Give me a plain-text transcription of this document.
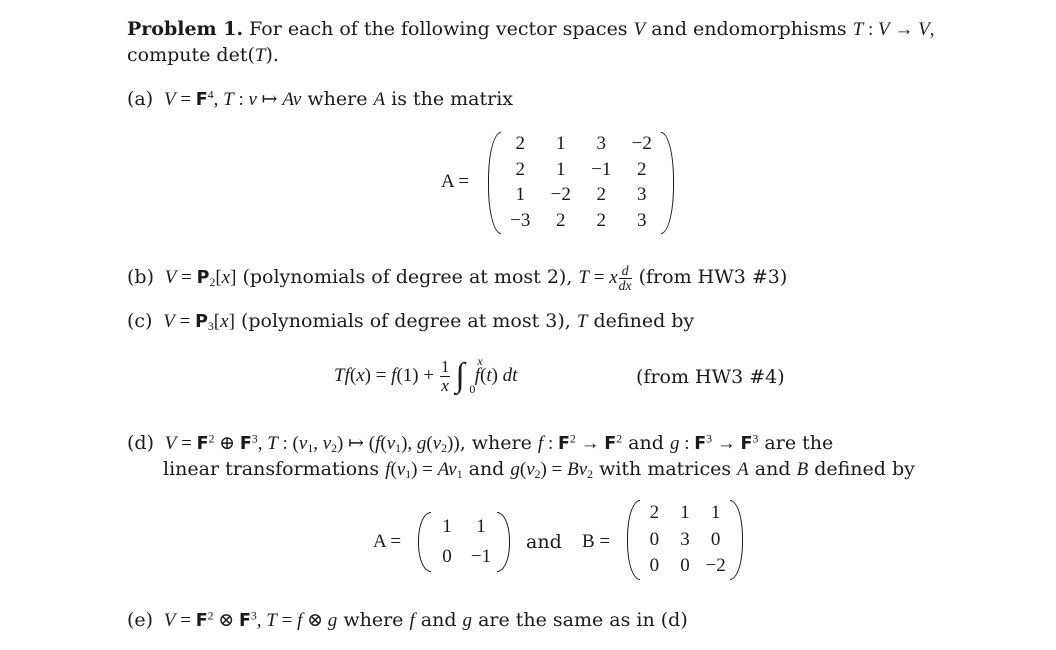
Problem 1. For each of the following vector spaces V and endomorphisms T : V → V,
compute det(T).
(a) $V = F^4$, T : v ↦ Av where A is the matrix
A =
2 1 3 −2
2 1 −1 2
1 −2 2 3
−3 2 2 3
(b) $V = P_2[x]$ (polynomials of degree at most 2), T = x $\frac{d}{dx}$ (from HW3 #3)
(c) $V = P_3[x]$ (polynomials of degree at most 3), T defined by
$Tf(x) = f(1) + \frac{1}{x}$ ∫ x
0
f(t) dt	(from HW3 #4)
(d) $V = F^2$ ⊕ $F^3$, T : ($v_1$, $v_2$) ↦ ($f(v_1)$, $g(v_2)$), where f : $F^2 \to F^2$ and g : $F^3 \to F^3$ are the
linear transformations $f(v_1) = Av_1$ and $g(v_2) = Bv_2$ with matrices A and B defined by
A =
1 1
0 −1
and B =
2 1 1
0 3 0
0 0 −2
(e) $V = F^2$ ⊗ $F^3$, T = f ⊗ g where f and g are the same as in (d)
